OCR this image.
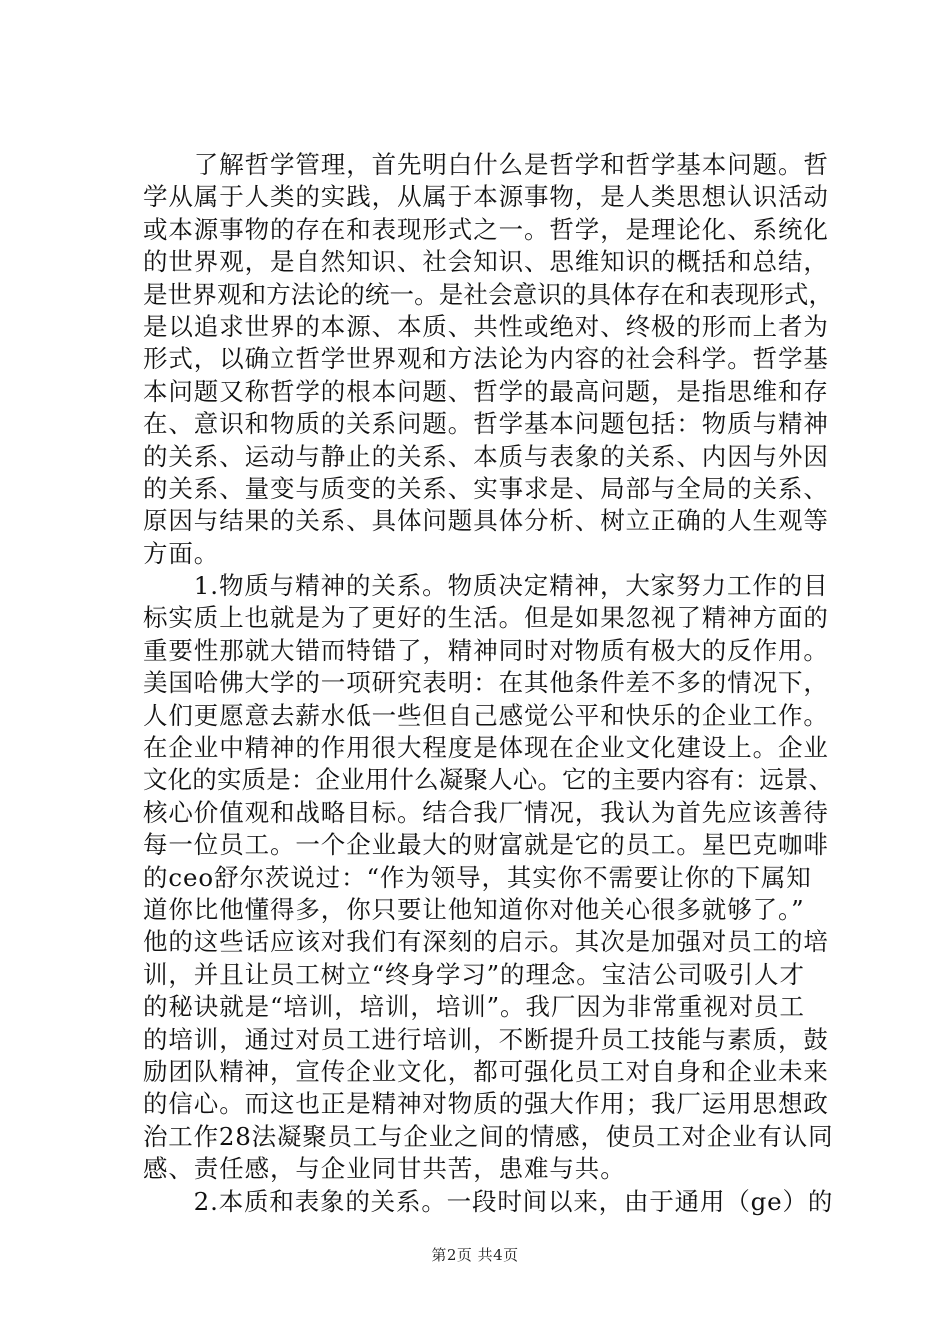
　　了解哲学管理，首先明白什么是哲学和哲学基本问题。哲
学从属于人类的实践，从属于本源事物，是人类思想认识活动
或本源事物的存在和表现形式之一。哲学，是理论化、系统化
的世界观，是自然知识、社会知识、思维知识的概括和总结，
是世界观和方法论的统一。是社会意识的具体存在和表现形式，
是以追求世界的本源、本质、共性或绝对、终极的形而上者为
形式，以确立哲学世界观和方法论为内容的社会科学。哲学基
本问题又称哲学的根本问题、哲学的最高问题，是指思维和存
在、意识和物质的关系问题。哲学基本问题包括：物质与精神
的关系、运动与静止的关系、本质与表象的关系、内因与外因
的关系、量变与质变的关系、实事求是、局部与全局的关系、
原因与结果的关系、具体问题具体分析、树立正确的人生观等
方面。
　　1.物质与精神的关系。物质决定精神，大家努力工作的目
标实质上也就是为了更好的生活。但是如果忽视了精神方面的
重要性那就大错而特错了，精神同时对物质有极大的反作用。
美国哈佛大学的一项研究表明：在其他条件差不多的情况下，
人们更愿意去薪水低一些但自己感觉公平和快乐的企业工作。
在企业中精神的作用很大程度是体现在企业文化建设上。企业
文化的实质是：企业用什么凝聚人心。它的主要内容有：远景、
核心价值观和战略目标。结合我厂情况，我认为首先应该善待
每一位员工。一个企业最大的财富就是它的员工。星巴克咖啡
的ceo舒尔茨说过：“作为领导，其实你不需要让你的下属知
道你比他懂得多，你只要让他知道你对他关心很多就够了。”
他的这些话应该对我们有深刻的启示。其次是加强对员工的培
训，并且让员工树立“终身学习”的理念。宝洁公司吸引人才
的秘诀就是“培训，培训，培训”。我厂因为非常重视对员工
的培训，通过对员工进行培训，不断提升员工技能与素质，鼓
励团队精神，宣传企业文化，都可强化员工对自身和企业未来
的信心。而这也正是精神对物质的强大作用；我厂运用思想政
治工作28法凝聚员工与企业之间的情感，使员工对企业有认同
感、责任感，与企业同甘共苦，患难与共。
　　2.本质和表象的关系。一段时间以来，由于通用（ge）的
第2页 共4页
